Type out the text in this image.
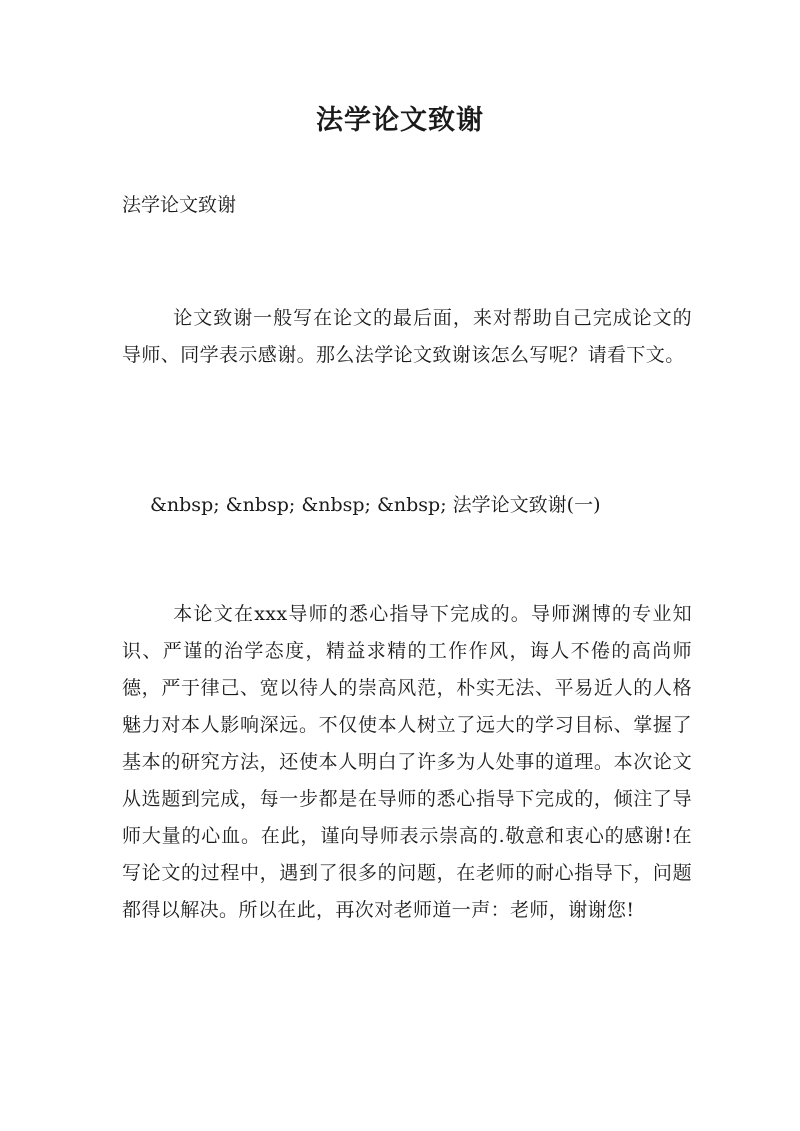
法学论文致谢

法学论文致谢

论文致谢一般写在论文的最后面，来对帮助自己完成论文的导师、同学表示感谢。那么法学论文致谢该怎么写呢？请看下文。

&nbsp; &nbsp; &nbsp; &nbsp; 法学论文致谢(一)

本论文在xxx导师的悉心指导下完成的。导师渊博的专业知识、严谨的治学态度，精益求精的工作作风，诲人不倦的高尚师德，严于律己、宽以待人的崇高风范，朴实无法、平易近人的人格魅力对本人影响深远。不仅使本人树立了远大的学习目标、掌握了基本的研究方法，还使本人明白了许多为人处事的道理。本次论文从选题到完成，每一步都是在导师的悉心指导下完成的，倾注了导师大量的心血。在此，谨向导师表示崇高的.敬意和衷心的感谢!在写论文的过程中，遇到了很多的问题，在老师的耐心指导下，问题都得以解决。所以在此，再次对老师道一声：老师，谢谢您!
